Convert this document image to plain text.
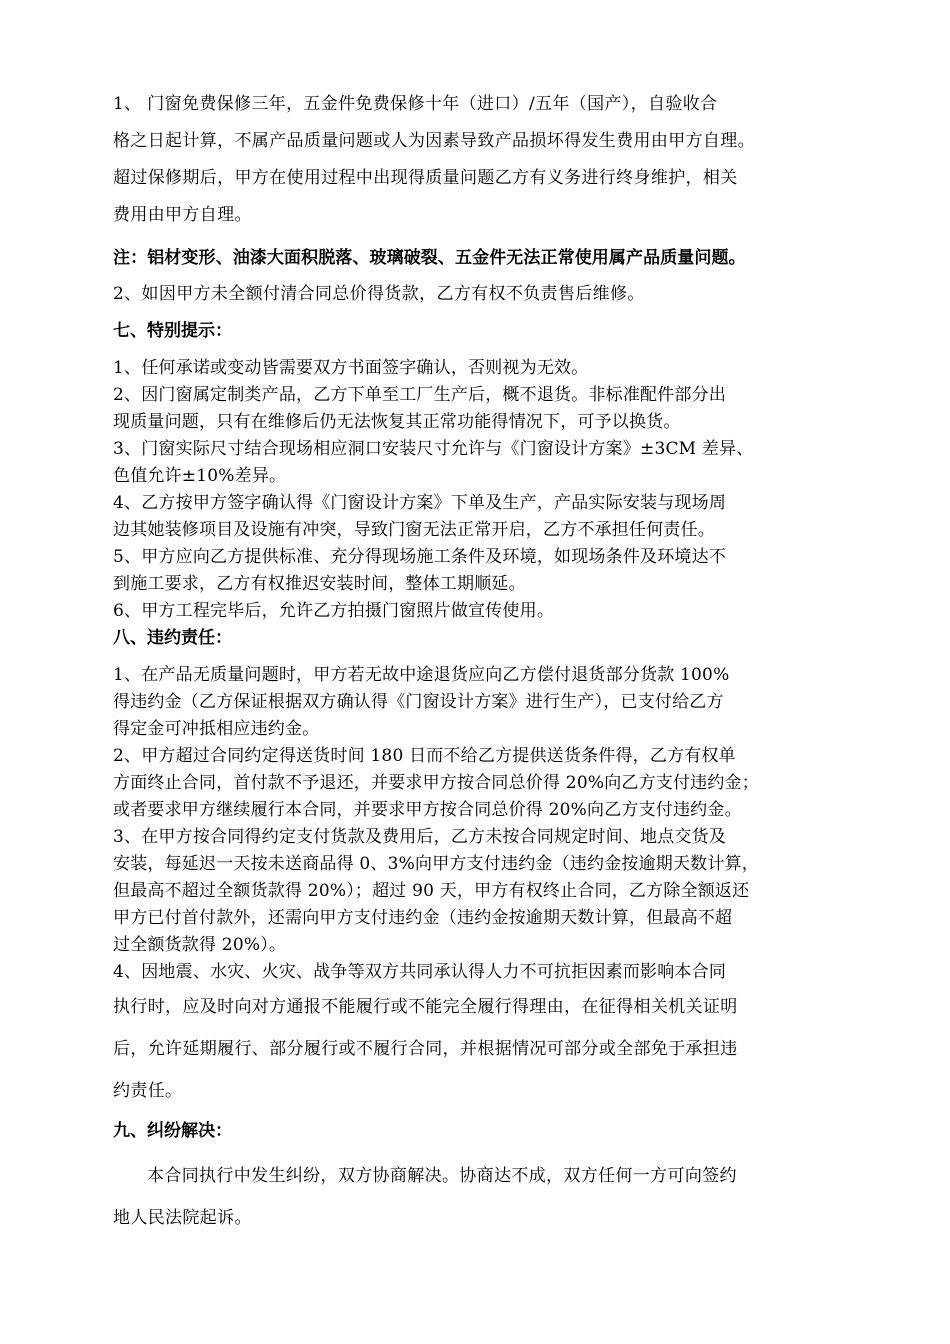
1、 门窗免费保修三年，五金件免费保修十年（进口）/五年（国产），自验收合
格之日起计算，不属产品质量问题或人为因素导致产品损坏得发生费用由甲方自理。
超过保修期后，甲方在使用过程中出现得质量问题乙方有义务进行终身维护，相关
费用由甲方自理。

注：铝材变形、油漆大面积脱落、玻璃破裂、五金件无法正常使用属产品质量问题。

2、如因甲方未全额付清合同总价得货款，乙方有权不负责售后维修。

七、特别提示：

1、任何承诺或变动皆需要双方书面签字确认，否则视为无效。
2、因门窗属定制类产品，乙方下单至工厂生产后，概不退货。非标准配件部分出
现质量问题，只有在维修后仍无法恢复其正常功能得情况下，可予以换货。
3、门窗实际尺寸结合现场相应洞口安装尺寸允许与《门窗设计方案》±3CM 差异、
色值允许±10%差异。
4、乙方按甲方签字确认得《门窗设计方案》下单及生产，产品实际安装与现场周
边其她装修项目及设施有冲突，导致门窗无法正常开启，乙方不承担任何责任。
5、甲方应向乙方提供标准、充分得现场施工条件及环境，如现场条件及环境达不
到施工要求，乙方有权推迟安装时间，整体工期顺延。
6、甲方工程完毕后，允许乙方拍摄门窗照片做宣传使用。

八、违约责任：

1、在产品无质量问题时，甲方若无故中途退货应向乙方偿付退货部分货款 100%
得违约金（乙方保证根据双方确认得《门窗设计方案》进行生产），已支付给乙方
得定金可冲抵相应违约金。
2、甲方超过合同约定得送货时间 180 日而不给乙方提供送货条件得，乙方有权单
方面终止合同，首付款不予退还，并要求甲方按合同总价得 20%向乙方支付违约金；
或者要求甲方继续履行本合同，并要求甲方按合同总价得 20%向乙方支付违约金。
3、在甲方按合同得约定支付货款及费用后，乙方未按合同规定时间、地点交货及
安装，每延迟一天按未送商品得 0、3%向甲方支付违约金（违约金按逾期天数计算，
但最高不超过全额货款得 20%）；超过 90 天，甲方有权终止合同，乙方除全额返还
甲方已付首付款外，还需向甲方支付违约金（违约金按逾期天数计算，但最高不超
过全额货款得 20%）。
4、因地震、水灾、火灾、战争等双方共同承认得人力不可抗拒因素而影响本合同
执行时，应及时向对方通报不能履行或不能完全履行得理由，在征得相关机关证明
后，允许延期履行、部分履行或不履行合同，并根据情况可部分或全部免于承担违
约责任。

九、纠纷解决：

本合同执行中发生纠纷，双方协商解决。协商达不成，双方任何一方可向签约
地人民法院起诉。
